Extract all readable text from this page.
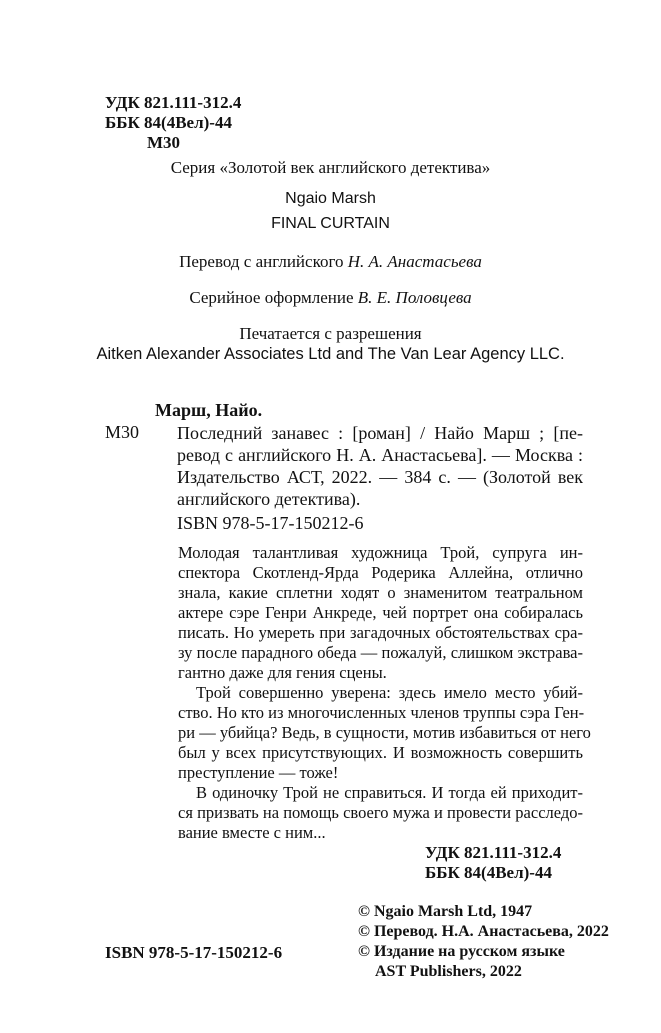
УДК 821.111-312.4
ББК 84(4Вел)-44
М30
Серия «Золотой век английского детектива»
Ngaio Marsh
FINAL CURTAIN
Перевод с английского Н. А. Анастасьева
Серийное оформление В. Е. Половцева
Печатается с разрешения
Aitken Alexander Associates Ltd and The Van Lear Agency LLC.
Марш, Найо.
М30 Последний занавес : [роман] / Найо Марш ; [пе-
ревод с английского Н. А. Анастасьева]. — Москва :
Издательство АСТ, 2022. — 384 с. — (Золотой век
английского детектива).
ISBN 978-5-17-150212-6
Молодая талантливая художница Трой, супруга ин-
спектора Скотленд-Ярда Родерика Аллейна, отлично
знала, какие сплетни ходят о знаменитом театральном
актере сэре Генри Анкреде, чей портрет она собиралась
писать. Но умереть при загадочных обстоятельствах сра-
зу после парадного обеда — пожалуй, слишком экстрава-
гантно даже для гения сцены.
Трой совершенно уверена: здесь имело место убий-
ство. Но кто из многочисленных членов труппы сэра Ген-
ри — убийца? Ведь, в сущности, мотив избавиться от него
был у всех присутствующих. И возможность совершить
преступление — тоже!
В одиночку Трой не справиться. И тогда ей приходит-
ся призвать на помощь своего мужа и провести расследо-
вание вместе с ним...
УДК 821.111-312.4
ББК 84(4Вел)-44
© Ngaio Marsh Ltd, 1947
© Перевод. Н.А. Анастасьева, 2022
© Издание на русском языке
AST Publishers, 2022
ISBN 978-5-17-150212-6
